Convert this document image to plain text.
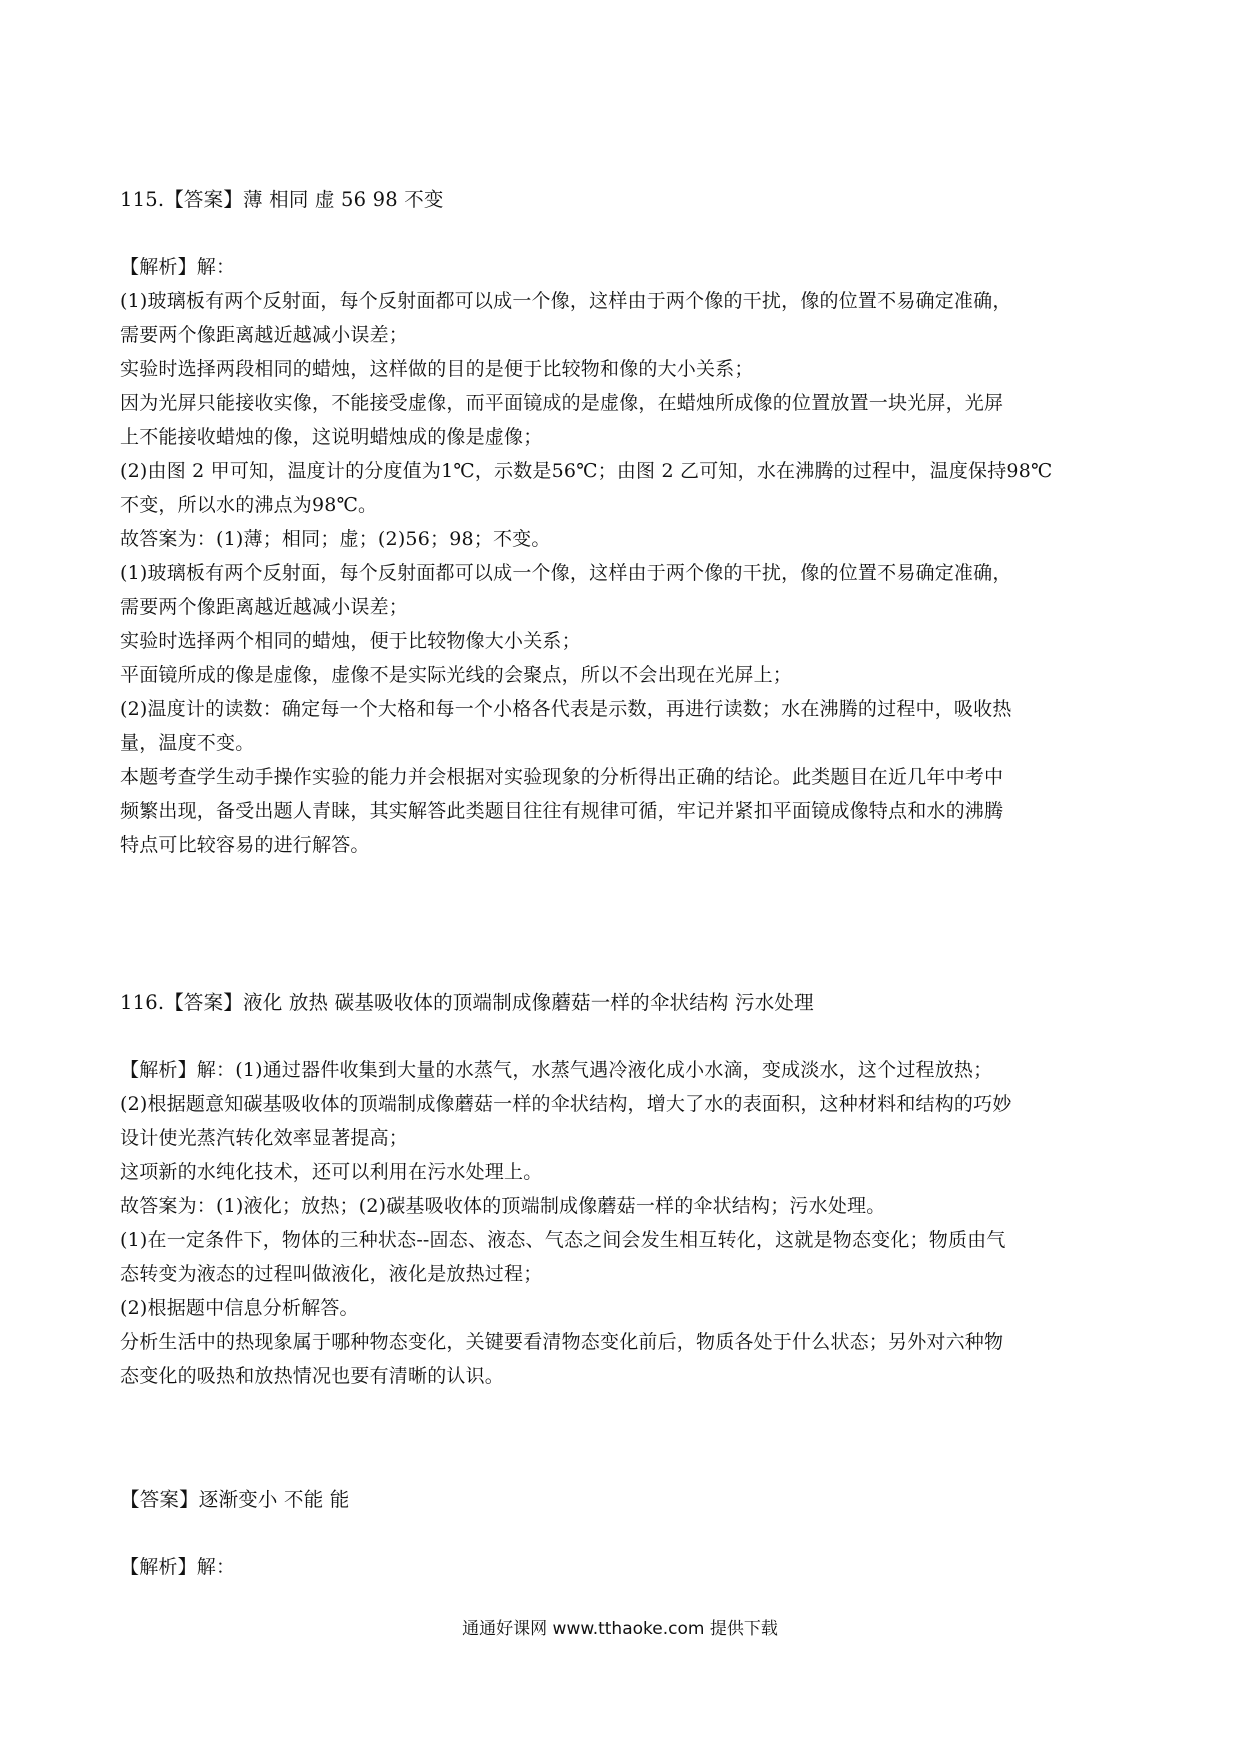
115.【答案】薄 相同 虚 56 98 不变
【解析】解：
(1)玻璃板有两个反射面，每个反射面都可以成一个像，这样由于两个像的干扰，像的位置不易确定准确，
需要两个像距离越近越减小误差；
实验时选择两段相同的蜡烛，这样做的目的是便于比较物和像的大小关系；
因为光屏只能接收实像，不能接受虚像，而平面镜成的是虚像，在蜡烛所成像的位置放置一块光屏，光屏
上不能接收蜡烛的像，这说明蜡烛成的像是虚像；
(2)由图 2 甲可知，温度计的分度值为1℃，示数是56℃；由图 2 乙可知，水在沸腾的过程中，温度保持98℃
不变，所以水的沸点为98℃。
故答案为：(1)薄；相同；虚；(2)56；98；不变。
(1)玻璃板有两个反射面，每个反射面都可以成一个像，这样由于两个像的干扰，像的位置不易确定准确，
需要两个像距离越近越减小误差；
实验时选择两个相同的蜡烛，便于比较物像大小关系；
平面镜所成的像是虚像，虚像不是实际光线的会聚点，所以不会出现在光屏上；
(2)温度计的读数：确定每一个大格和每一个小格各代表是示数，再进行读数；水在沸腾的过程中，吸收热
量，温度不变。
本题考查学生动手操作实验的能力并会根据对实验现象的分析得出正确的结论。此类题目在近几年中考中
频繁出现，备受出题人青睐，其实解答此类题目往往有规律可循，牢记并紧扣平面镜成像特点和水的沸腾
特点可比较容易的进行解答。
116.【答案】液化 放热 碳基吸收体的顶端制成像蘑菇一样的伞状结构 污水处理
【解析】解：(1)通过器件收集到大量的水蒸气，水蒸气遇冷液化成小水滴，变成淡水，这个过程放热；
(2)根据题意知碳基吸收体的顶端制成像蘑菇一样的伞状结构，增大了水的表面积，这种材料和结构的巧妙
设计使光蒸汽转化效率显著提高；
这项新的水纯化技术，还可以利用在污水处理上。
故答案为：(1)液化；放热；(2)碳基吸收体的顶端制成像蘑菇一样的伞状结构；污水处理。
(1)在一定条件下，物体的三种状态--固态、液态、气态之间会发生相互转化，这就是物态变化；物质由气
态转变为液态的过程叫做液化，液化是放热过程；
(2)根据题中信息分析解答。
分析生活中的热现象属于哪种物态变化，关键要看清物态变化前后，物质各处于什么状态；另外对六种物
态变化的吸热和放热情况也要有清晰的认识。
【答案】逐渐变小 不能 能
【解析】解：
通通好课网 www.tthaoke.com 提供下载
